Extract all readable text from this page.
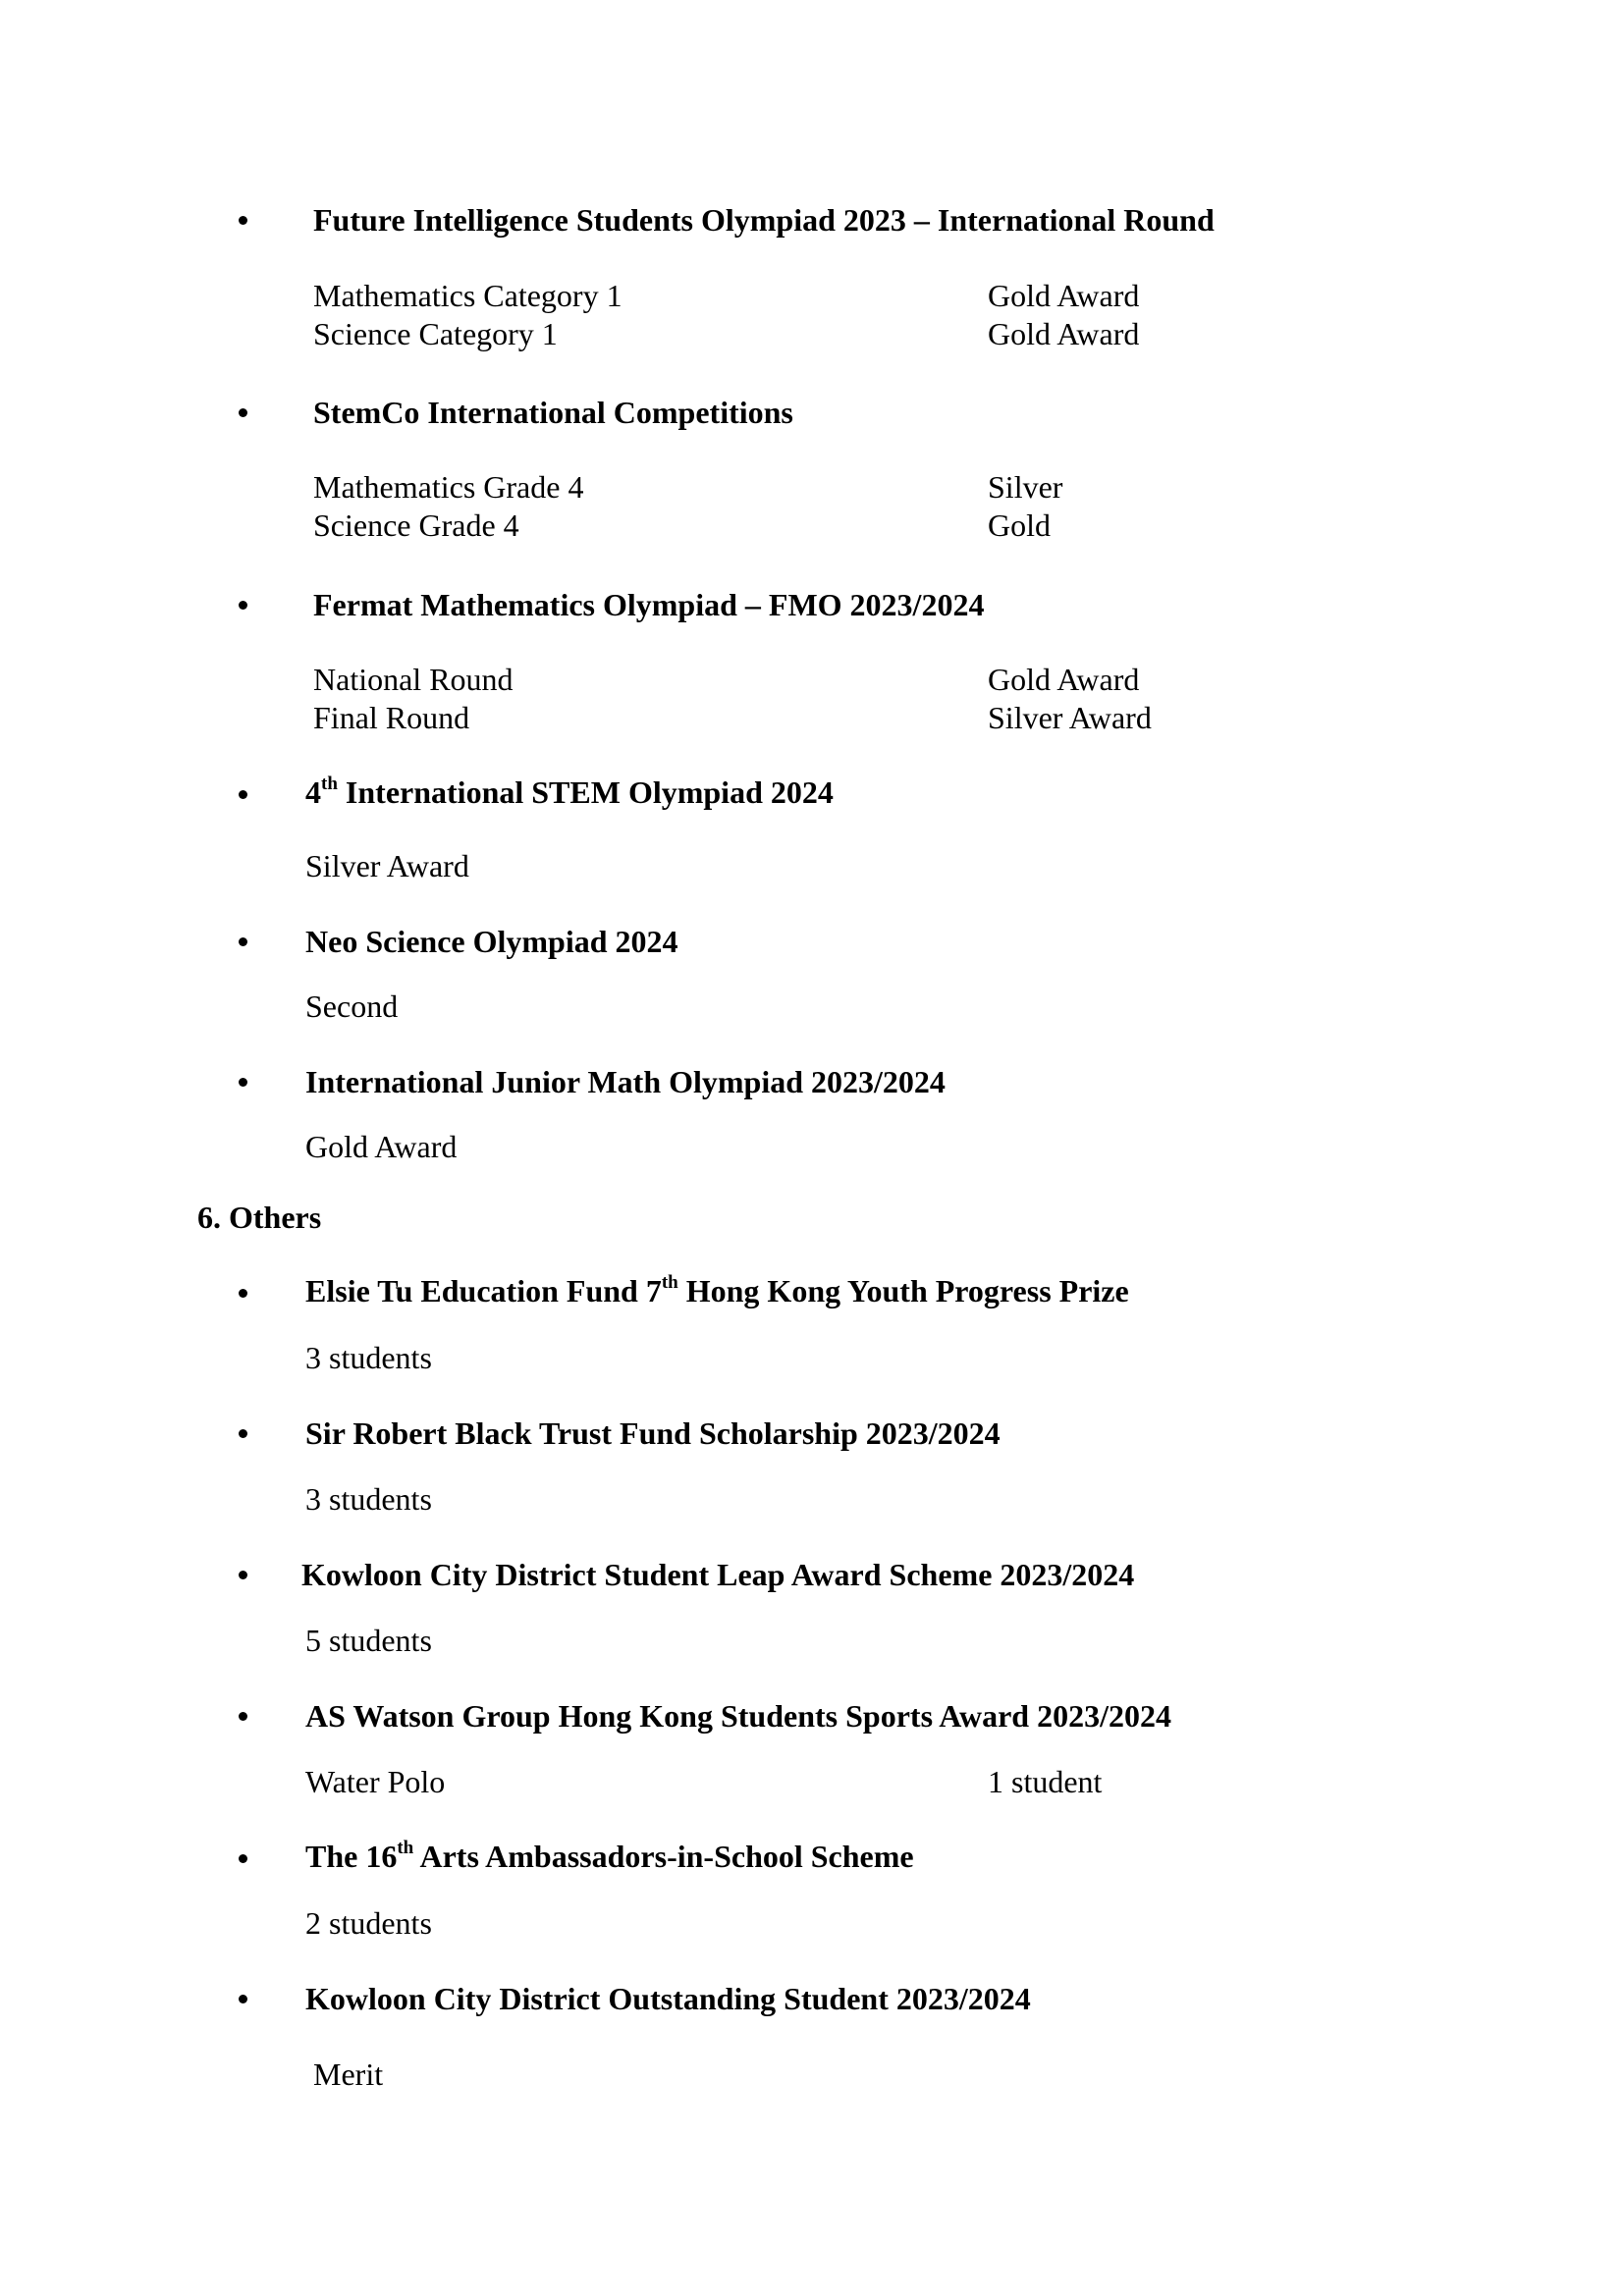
Future Intelligence Students Olympiad 2023 – International Round
Mathematics Category 1	Gold Award
Science Category 1	Gold Award
StemCo International Competitions
Mathematics Grade 4	Silver
Science Grade 4	Gold
Fermat Mathematics Olympiad – FMO 2023/2024
National Round	Gold Award
Final Round	Silver Award
4th International STEM Olympiad 2024
Silver Award
Neo Science Olympiad 2024
Second
International Junior Math Olympiad 2023/2024
Gold Award
6. Others
Elsie Tu Education Fund 7th Hong Kong Youth Progress Prize
3 students
Sir Robert Black Trust Fund Scholarship 2023/2024
3 students
Kowloon City District Student Leap Award Scheme 2023/2024
5 students
AS Watson Group Hong Kong Students Sports Award 2023/2024
Water Polo	1 student
The 16th Arts Ambassadors-in-School Scheme
2 students
Kowloon City District Outstanding Student 2023/2024
Merit
